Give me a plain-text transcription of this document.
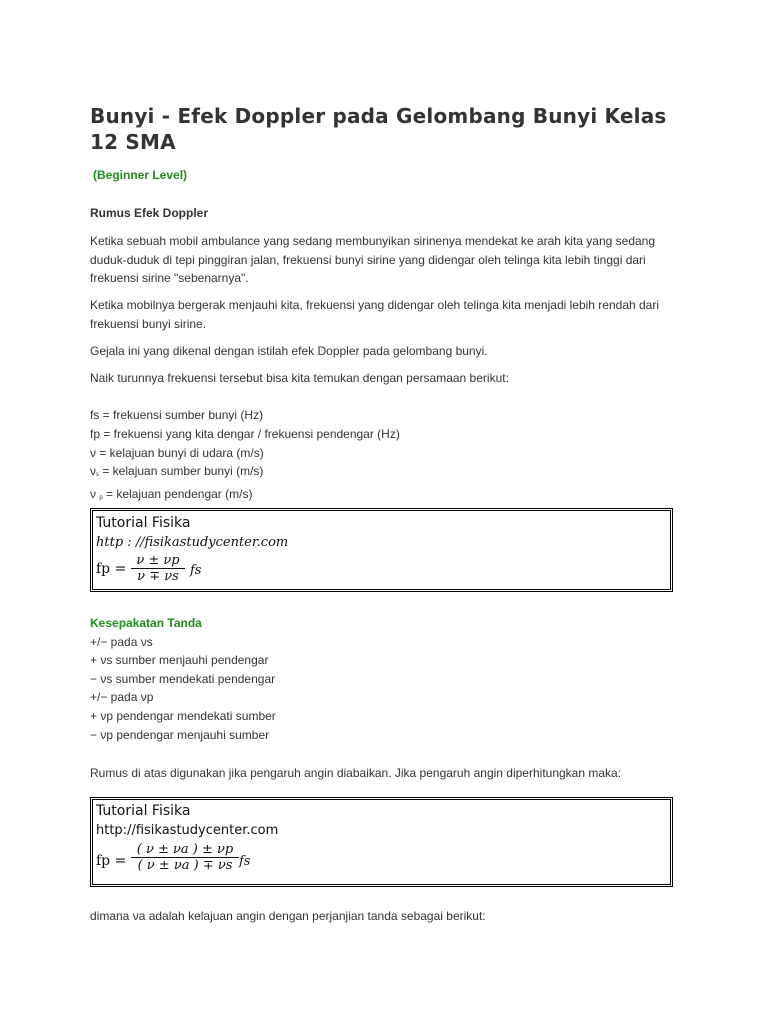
Bunyi - Efek Doppler pada Gelombang Bunyi Kelas 12 SMA
(Beginner Level)
Rumus Efek Doppler

Ketika sebuah mobil ambulance yang sedang membunyikan sirinenya mendekat ke arah kita yang sedang duduk-duduk di tepi pinggiran jalan, frekuensi bunyi sirine yang didengar oleh telinga kita lebih tinggi dari frekuensi sirine "sebenarnya".

Ketika mobilnya bergerak menjauhi kita, frekuensi yang didengar oleh telinga kita menjadi lebih rendah dari frekuensi bunyi sirine.

Gejala ini yang dikenal dengan istilah efek Doppler pada gelombang bunyi.

Naik turunnya frekuensi tersebut bisa kita temukan dengan persamaan berikut:

fs = frekuensi sumber bunyi (Hz)
fp = frekuensi yang kita dengar / frekuensi pendengar (Hz)
ν = kelajuan bunyi di udara (m/s)
νs = kelajuan sumber bunyi (m/s)
ν p = kelajuan pendengar (m/s)
Tutorial Fisika
http : //fisikastudycenter.com
fp = $\frac{\nu \pm \nu p}{\nu \mp \nu s}$ fs
Kesepakatan Tanda
+/− pada νs
+ νs sumber menjauhi pendengar
− νs sumber mendekati pendengar
+/− pada νp
+ νp pendengar mendekati sumber
− νp pendengar menjauhi sumber

Rumus di atas digunakan jika pengaruh angin diabaikan. Jika pengaruh angin diperhitungkan maka:

Tutorial Fisika
http://fisikastudycenter.com
fp = $\frac{( \nu \pm \nu a ) \pm \nu p}{( \nu \pm \nu a ) \mp \nu s}$ fs

dimana νa adalah kelajuan angin dengan perjanjian tanda sebagai berikut:
